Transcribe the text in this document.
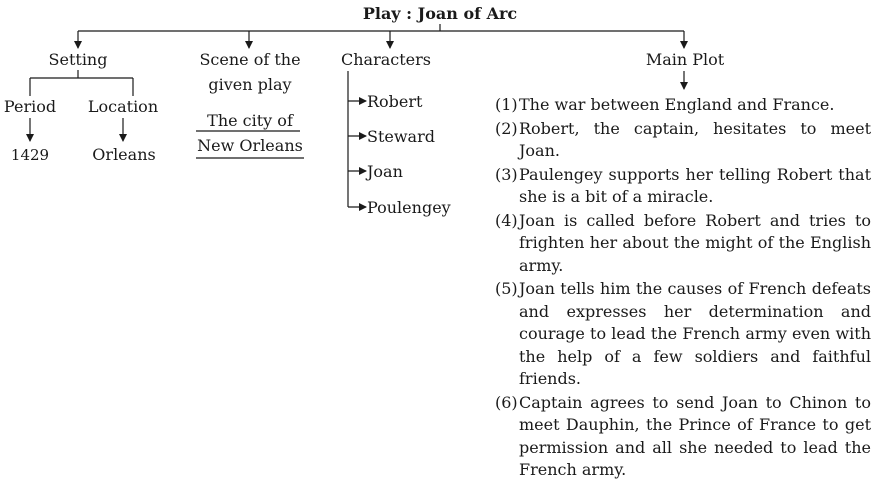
Play : Joan of Arc
Setting	Scene of the
given play
Characters	Main Plot
Period Location
1429	Orleans
The city of
New Orleans
Robert
Steward
Joan
Poulengey
(1) The war between England and France.
(2) Robert, the captain, hesitates to meet Joan.
(3) Paulengey supports her telling Robert that she is a bit of a miracle.
(4) Joan is called before Robert and tries to frighten her about the might of the English army.
(5) Joan tells him the causes of French defeats and expresses her determination and courage to lead the French army even with the help of a few soldiers and faithful friends.
(6) Captain agrees to send Joan to Chinon to meet Dauphin, the Prince of France to get permission and all she needed to lead the French army.
